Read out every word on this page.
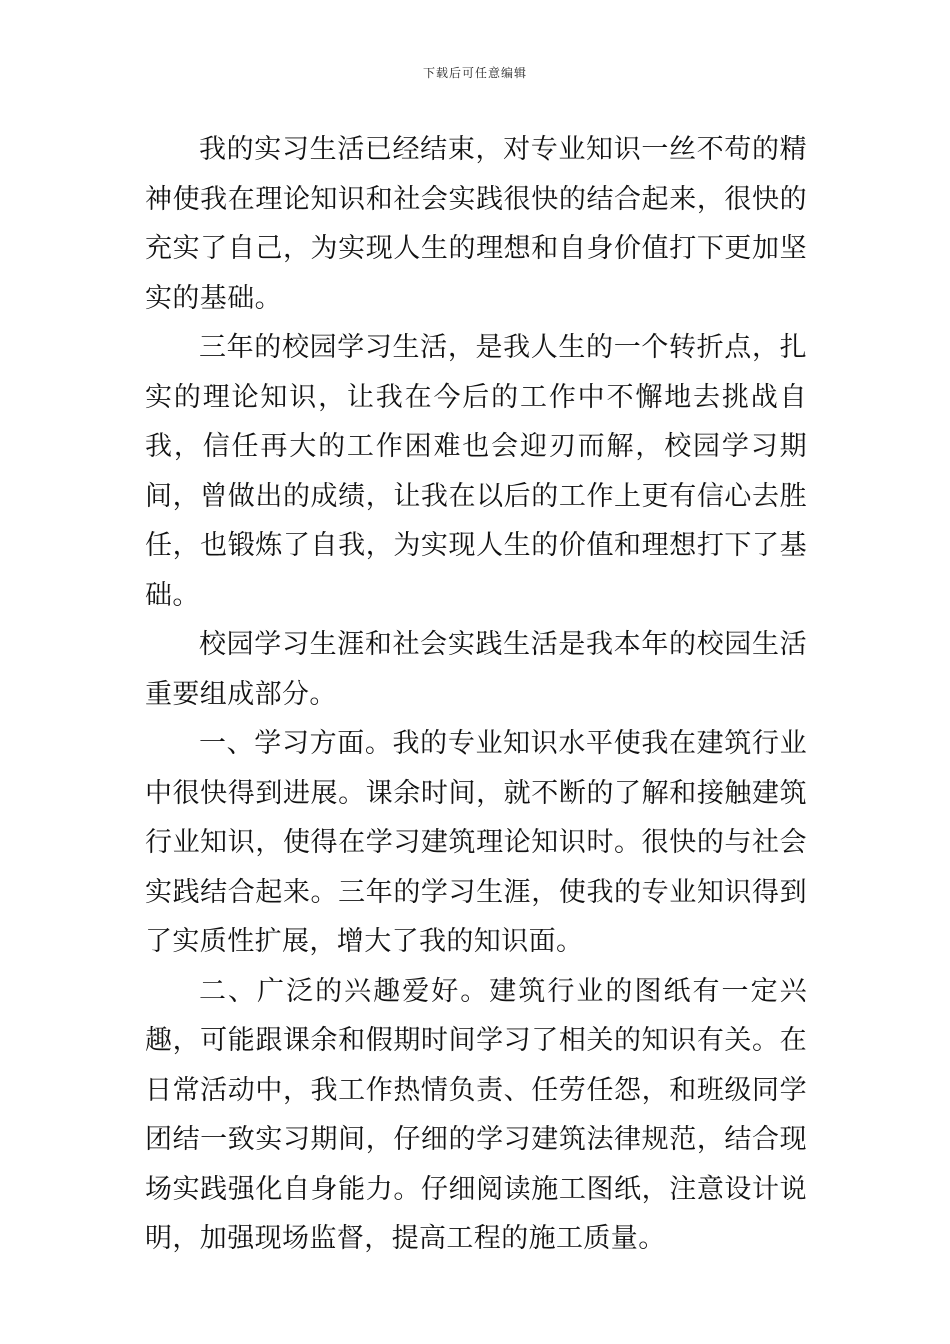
下载后可任意编辑

我的实习生活已经结束，对专业知识一丝不苟的精神使我在理论知识和社会实践很快的结合起来，很快的充实了自己，为实现人生的理想和自身价值打下更加坚实的基础。

三年的校园学习生活，是我人生的一个转折点，扎实的理论知识，让我在今后的工作中不懈地去挑战自我，信任再大的工作困难也会迎刃而解，校园学习期间，曾做出的成绩，让我在以后的工作上更有信心去胜任，也锻炼了自我，为实现人生的价值和理想打下了基础。

校园学习生涯和社会实践生活是我本年的校园生活重要组成部分。

一、学习方面。我的专业知识水平使我在建筑行业中很快得到进展。课余时间，就不断的了解和接触建筑行业知识，使得在学习建筑理论知识时。很快的与社会实践结合起来。三年的学习生涯，使我的专业知识得到了实质性扩展，增大了我的知识面。

二、广泛的兴趣爱好。建筑行业的图纸有一定兴趣，可能跟课余和假期时间学习了相关的知识有关。在日常活动中，我工作热情负责、任劳任怨，和班级同学团结一致实习期间，仔细的学习建筑法律规范，结合现场实践强化自身能力。仔细阅读施工图纸，注意设计说明，加强现场监督，提高工程的施工质量。
